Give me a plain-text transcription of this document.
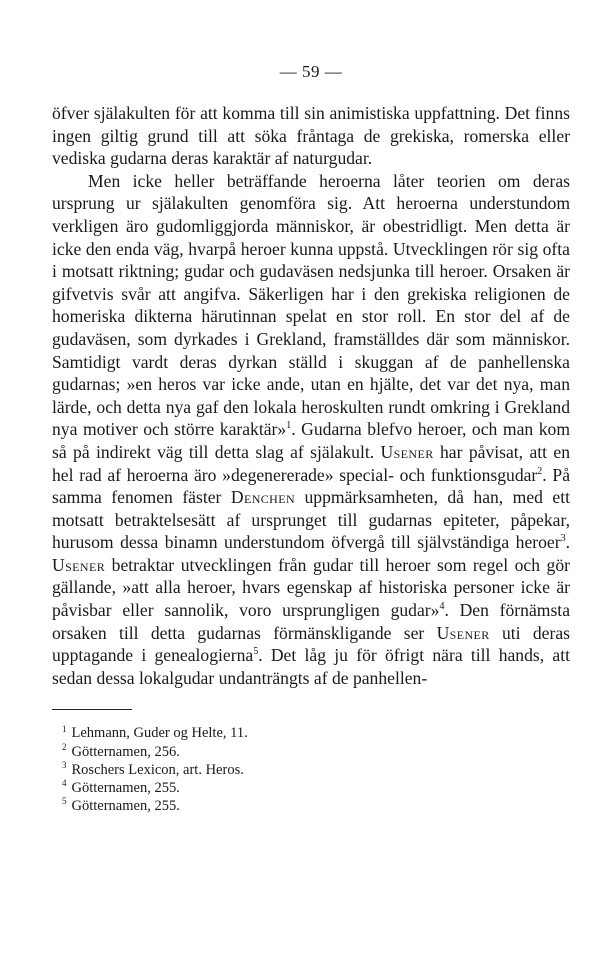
— 59 —

öfver själakulten för att komma till sin animistiska uppfattning. Det finns ingen giltig grund till att söka fråntaga de grekiska, romerska eller vediska gudarna deras karaktär af naturgudar.

Men icke heller beträffande heroerna låter teorien om deras ursprung ur själakulten genomföra sig. Att heroerna understundom verkligen äro gudomliggjorda människor, är obestridligt. Men detta är icke den enda väg, hvarpå heroer kunna uppstå. Utvecklingen rör sig ofta i motsatt riktning; gudar och gudaväsen nedsjunka till heroer. Orsaken är gifvetvis svår att angifva. Säkerligen har i den grekiska religionen de homeriska dikterna härutinnan spelat en stor roll. En stor del af de gudaväsen, som dyrkades i Grekland, framställdes där som människor. Samtidigt vardt deras dyrkan ställd i skuggan af de panhellenska gudarnas; »en heros var icke ande, utan en hjälte, det var det nya, man lärde, och detta nya gaf den lokala heroskulten rundt omkring i Grekland nya motiver och större karaktär»$^1$. Gudarna blefvo heroer, och man kom så på indirekt väg till detta slag af själakult. Usener har påvisat, att en hel rad af heroerna äro »degenererade» special- och funktionsgudar$^2$. På samma fenomen fäster Denchen uppmärksamheten, då han, med ett motsatt betraktelsesätt af ursprunget till gudarnas epiteter, påpekar, hurusom dessa binamn understundom öfvergå till självständiga heroer$^3$. Usener betraktar utvecklingen från gudar till heroer som regel och gör gällande, »att alla heroer, hvars egenskap af historiska personer icke är påvisbar eller sannolik, voro ursprungligen gudar»$^4$. Den förnämsta orsaken till detta gudarnas förmänskligande ser Usener uti deras upptagande i genealogierna$^5$. Det låg ju för öfrigt nära till hands, att sedan dessa lokalgudar undanträngts af de panhellen-

$^1$ Lehmann, Guder og Helte, 11.
$^2$ Götternamen, 256.
$^3$ Roschers Lexicon, art. Heros.
$^4$ Götternamen, 255.
$^5$ Götternamen, 255.
